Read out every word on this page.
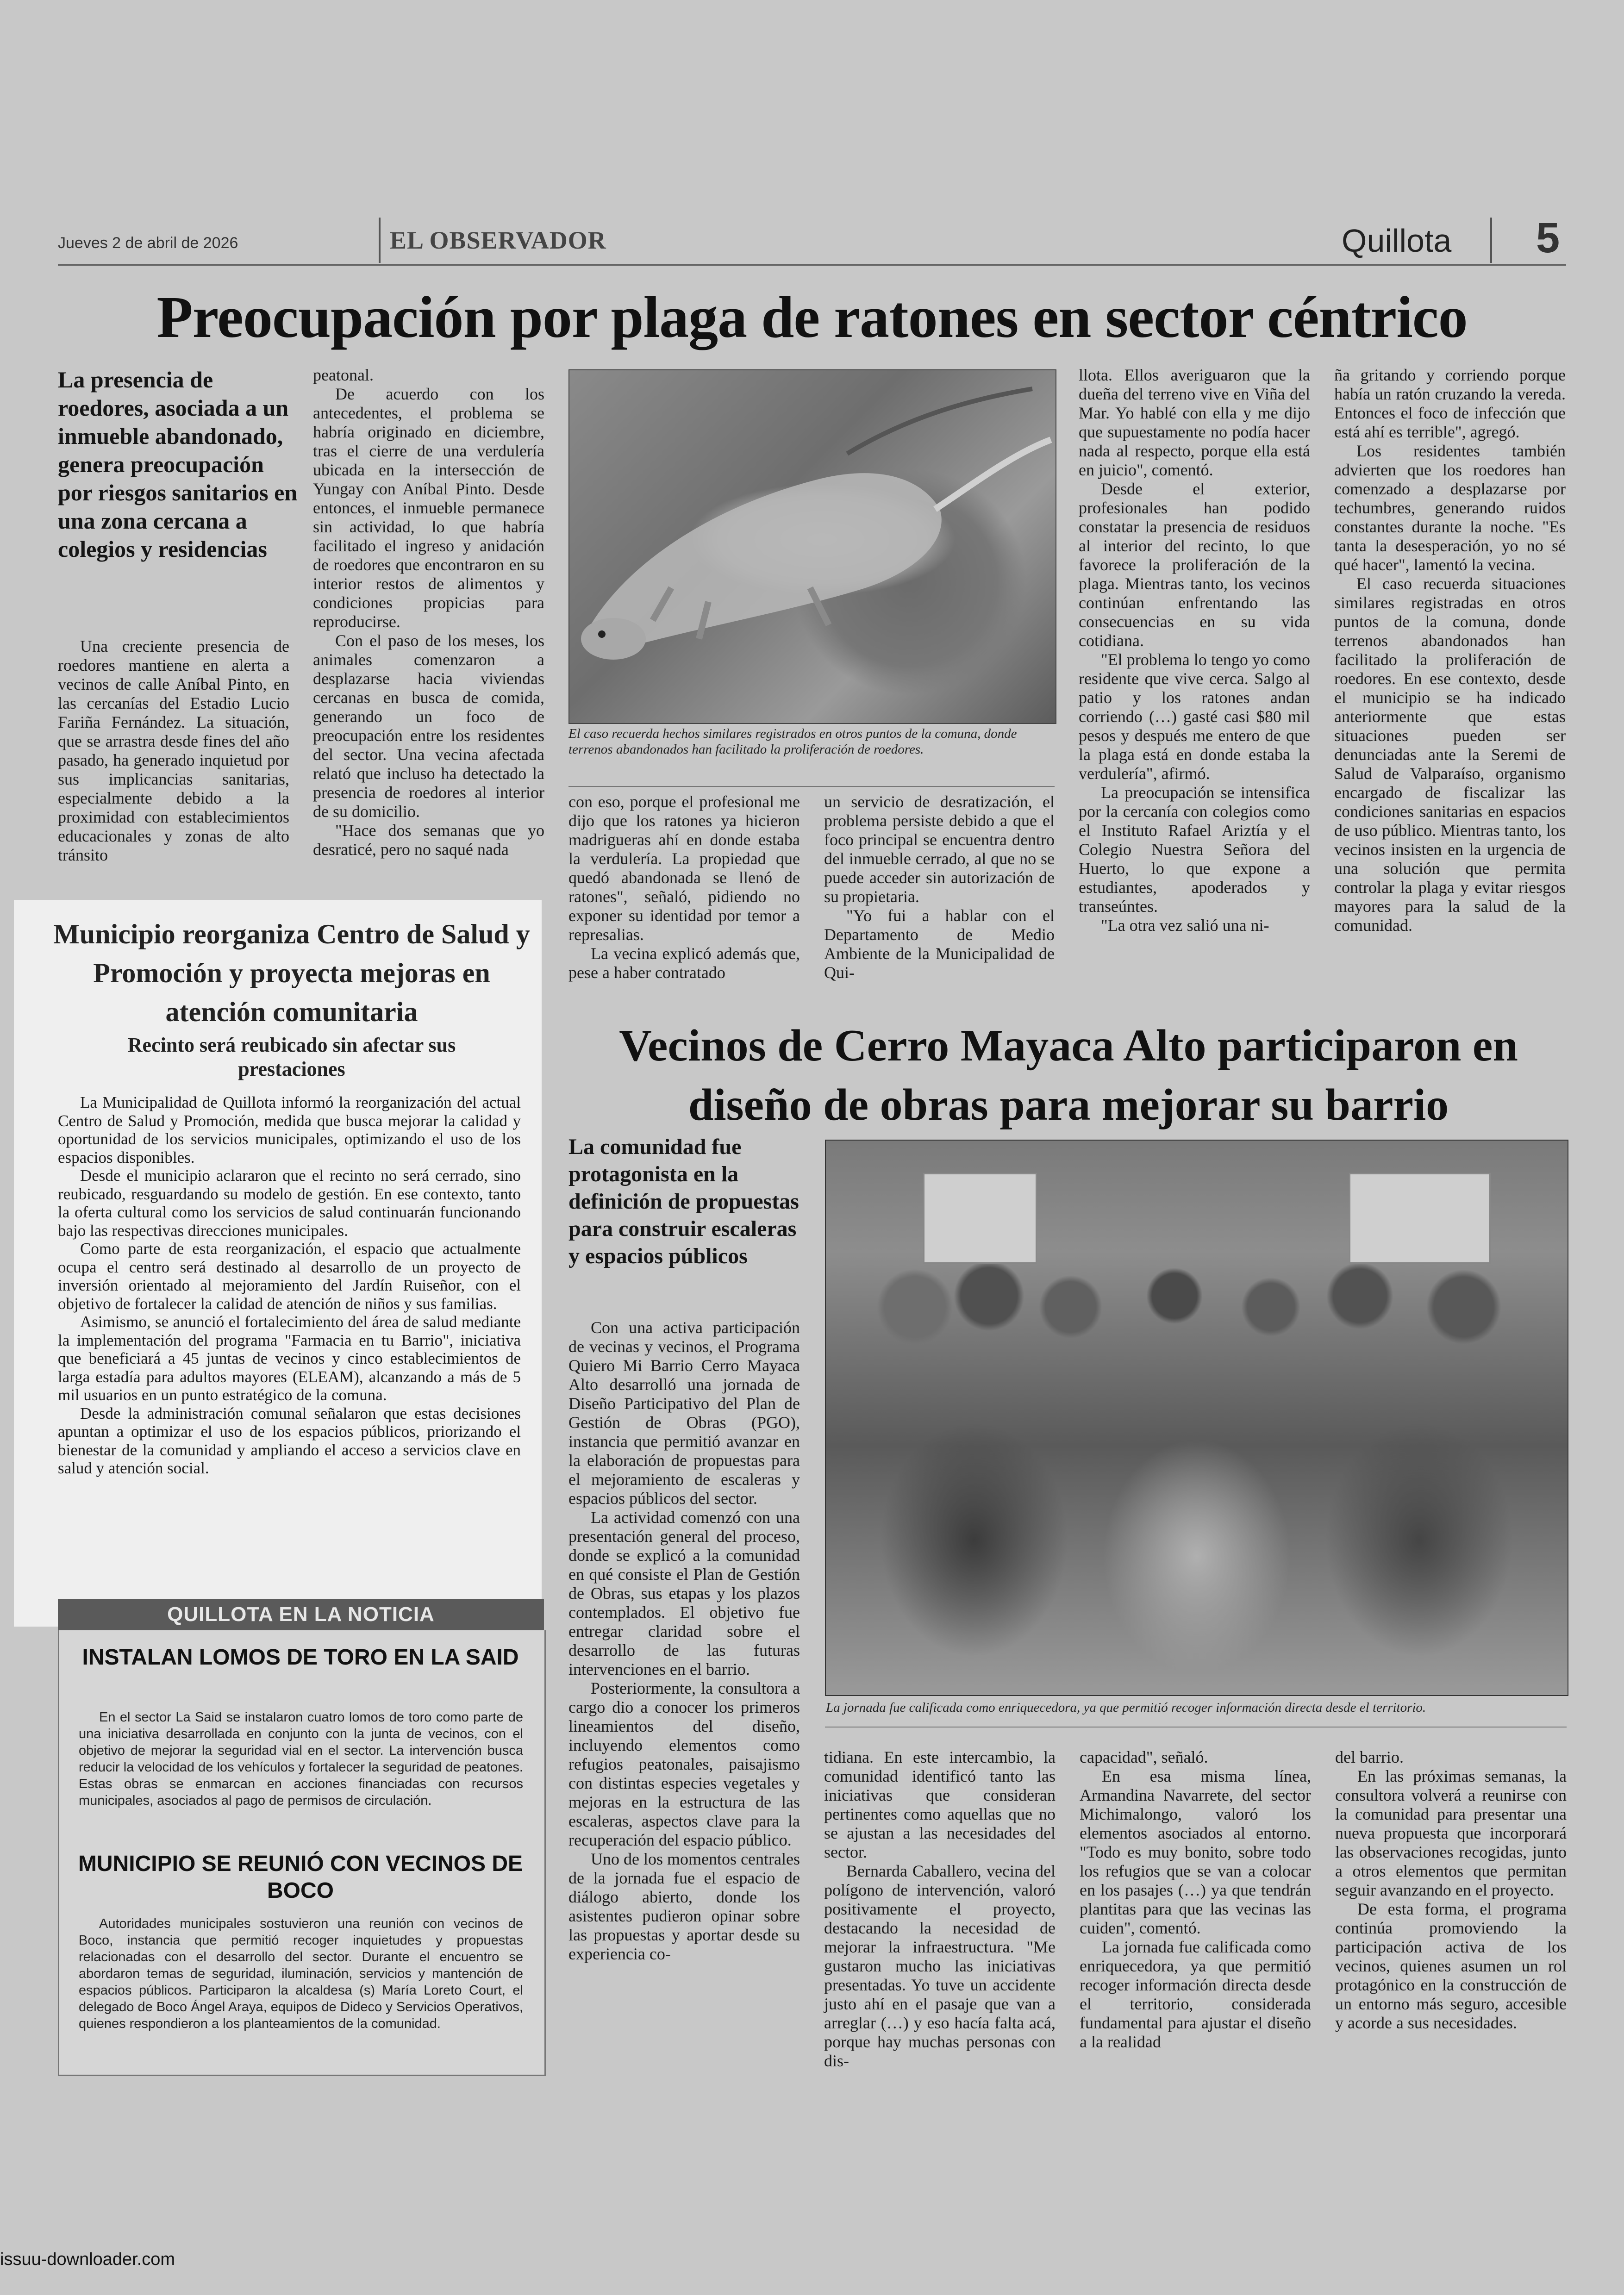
Jueves 2 de abril de 2026	EL OBSERVADOR	Quillota 5
Preocupación por plaga de ratones en sector céntrico
La presencia de roedores, asociada a un inmueble abandonado, genera preocupación por riesgos sanitarios en una zona cercana a colegios y residencias

Una creciente presencia de roedores mantiene en alerta a vecinos de calle Aníbal Pinto, en las cercanías del Estadio Lucio Fariña Fernández. La situación, que se arrastra desde fines del año pasado, ha generado inquietud por sus implicancias sanitarias, especialmente debido a la proximidad con establecimientos educacionales y zonas de alto tránsito

peatonal.

De acuerdo con los antecedentes, el problema se habría originado en diciembre, tras el cierre de una verdulería ubicada en la intersección de Yungay con Aníbal Pinto. Desde entonces, el inmueble permanece sin actividad, lo que habría facilitado el ingreso y anidación de roedores que encontraron en su interior restos de alimentos y condiciones propicias para reproducirse.

Con el paso de los meses, los animales comenzaron a desplazarse hacia viviendas cercanas en busca de comida, generando un foco de preocupación entre los residentes del sector. Una vecina afectada relató que incluso ha detectado la presencia de roedores al interior de su domicilio.

"Hace dos semanas que yo desraticé, pero no saqué nada

El caso recuerda hechos similares registrados en otros puntos de la comuna, donde terrenos abandonados han facilitado la proliferación de roedores.

con eso, porque el profesional me dijo que los ratones ya hicieron madrigueras ahí en donde estaba la verdulería. La propiedad que quedó abandonada se llenó de ratones", señaló, pidiendo no exponer su identidad por temor a represalias.

La vecina explicó además que, pese a haber contratado

un servicio de desratización, el problema persiste debido a que el foco principal se encuentra dentro del inmueble cerrado, al que no se puede acceder sin autorización de su propietaria.

"Yo fui a hablar con el Departamento de Medio Ambiente de la Municipalidad de Qui-

llota. Ellos averiguaron que la dueña del terreno vive en Viña del Mar. Yo hablé con ella y me dijo que supuestamente no podía hacer nada al respecto, porque ella está en juicio", comentó.

Desde el exterior, profesionales han podido constatar la presencia de residuos al interior del recinto, lo que favorece la proliferación de la plaga. Mientras tanto, los vecinos continúan enfrentando las consecuencias en su vida cotidiana.

"El problema lo tengo yo como residente que vive cerca. Salgo al patio y los ratones andan corriendo (…) gasté casi $80 mil pesos y después me entero de que la plaga está en donde estaba la verdulería", afirmó.

La preocupación se intensifica por la cercanía con colegios como el Instituto Rafael Ariztía y el Colegio Nuestra Señora del Huerto, lo que expone a estudiantes, apoderados y transeúntes.

"La otra vez salió una ni-

ña gritando y corriendo porque había un ratón cruzando la vereda. Entonces el foco de infección que está ahí es terrible", agregó.

Los residentes también advierten que los roedores han comenzado a desplazarse por techumbres, generando ruidos constantes durante la noche. "Es tanta la desesperación, yo no sé qué hacer", lamentó la vecina.

El caso recuerda situaciones similares registradas en otros puntos de la comuna, donde terrenos abandonados han facilitado la proliferación de roedores. En ese contexto, desde el municipio se ha indicado anteriormente que estas situaciones pueden ser denunciadas ante la Seremi de Salud de Valparaíso, organismo encargado de fiscalizar las condiciones sanitarias en espacios de uso público. Mientras tanto, los vecinos insisten en la urgencia de una solución que permita controlar la plaga y evitar riesgos mayores para la salud de la comunidad.

Municipio reorganiza Centro de Salud y Promoción y proyecta mejoras en atención comunitaria
Recinto será reubicado sin afectar sus prestaciones

La Municipalidad de Quillota informó la reorganización del actual Centro de Salud y Promoción, medida que busca mejorar la calidad y oportunidad de los servicios municipales, optimizando el uso de los espacios disponibles.

Desde el municipio aclararon que el recinto no será cerrado, sino reubicado, resguardando su modelo de gestión. En ese contexto, tanto la oferta cultural como los servicios de salud continuarán funcionando bajo las respectivas direcciones municipales.

Como parte de esta reorganización, el espacio que actualmente ocupa el centro será destinado al desarrollo de un proyecto de inversión orientado al mejoramiento del Jardín Ruiseñor, con el objetivo de fortalecer la calidad de atención de niños y sus familias.

Asimismo, se anunció el fortalecimiento del área de salud mediante la implementación del programa "Farmacia en tu Barrio", iniciativa que beneficiará a 45 juntas de vecinos y cinco establecimientos de larga estadía para adultos mayores (ELEAM), alcanzando a más de 5 mil usuarios en un punto estratégico de la comuna.

Desde la administración comunal señalaron que estas decisiones apuntan a optimizar el uso de los espacios públicos, priorizando el bienestar de la comunidad y ampliando el acceso a servicios clave en salud y atención social.

QUILLOTA EN LA NOTICIA
INSTALAN LOMOS DE TORO EN LA SAID

En el sector La Said se instalaron cuatro lomos de toro como parte de una iniciativa desarrollada en conjunto con la junta de vecinos, con el objetivo de mejorar la seguridad vial en el sector. La intervención busca reducir la velocidad de los vehículos y fortalecer la seguridad de peatones. Estas obras se enmarcan en acciones financiadas con recursos municipales, asociados al pago de permisos de circulación.

MUNICIPIO SE REUNIÓ CON VECINOS DE BOCO

Autoridades municipales sostuvieron una reunión con vecinos de Boco, instancia que permitió recoger inquietudes y propuestas relacionadas con el desarrollo del sector. Durante el encuentro se abordaron temas de seguridad, iluminación, servicios y mantención de espacios públicos. Participaron la alcaldesa (s) María Loreto Court, el delegado de Boco Ángel Araya, equipos de Dideco y Servicios Operativos, quienes respondieron a los planteamientos de la comunidad.

Vecinos de Cerro Mayaca Alto participaron en diseño de obras para mejorar su barrio
La comunidad fue protagonista en la definición de propuestas para construir escaleras y espacios públicos
La jornada fue calificada como enriquecedora, ya que permitió recoger información directa desde el territorio.

Con una activa participación de vecinas y vecinos, el Programa Quiero Mi Barrio Cerro Mayaca Alto desarrolló una jornada de Diseño Participativo del Plan de Gestión de Obras (PGO), instancia que permitió avanzar en la elaboración de propuestas para el mejoramiento de escaleras y espacios públicos del sector.

La actividad comenzó con una presentación general del proceso, donde se explicó a la comunidad en qué consiste el Plan de Gestión de Obras, sus etapas y los plazos contemplados. El objetivo fue entregar claridad sobre el desarrollo de las futuras intervenciones en el barrio.

Posteriormente, la consultora a cargo dio a conocer los primeros lineamientos del diseño, incluyendo elementos como refugios peatonales, paisajismo con distintas especies vegetales y mejoras en la estructura de las escaleras, aspectos clave para la recuperación del espacio público.

Uno de los momentos centrales de la jornada fue el espacio de diálogo abierto, donde los asistentes pudieron opinar sobre las propuestas y aportar desde su experiencia co-

tidiana. En este intercambio, la comunidad identificó tanto las iniciativas que consideran pertinentes como aquellas que no se ajustan a las necesidades del sector.

Bernarda Caballero, vecina del polígono de intervención, valoró positivamente el proyecto, destacando la necesidad de mejorar la infraestructura. "Me gustaron mucho las iniciativas presentadas. Yo tuve un accidente justo ahí en el pasaje que van a arreglar (…) y eso hacía falta acá, porque hay muchas personas con dis-

capacidad", señaló.

En esa misma línea, Armandina Navarrete, del sector Michimalongo, valoró los elementos asociados al entorno. "Todo es muy bonito, sobre todo los refugios que se van a colocar en los pasajes (…) ya que tendrán plantitas para que las vecinas las cuiden", comentó.

La jornada fue calificada como enriquecedora, ya que permitió recoger información directa desde el territorio, considerada fundamental para ajustar el diseño a la realidad

del barrio.

En las próximas semanas, la consultora volverá a reunirse con la comunidad para presentar una nueva propuesta que incorporará las observaciones recogidas, junto a otros elementos que permitan seguir avanzando en el proyecto.

De esta forma, el programa continúa promoviendo la participación activa de los vecinos, quienes asumen un rol protagónico en la construcción de un entorno más seguro, accesible y acorde a sus necesidades.

issuu-downloader.com
